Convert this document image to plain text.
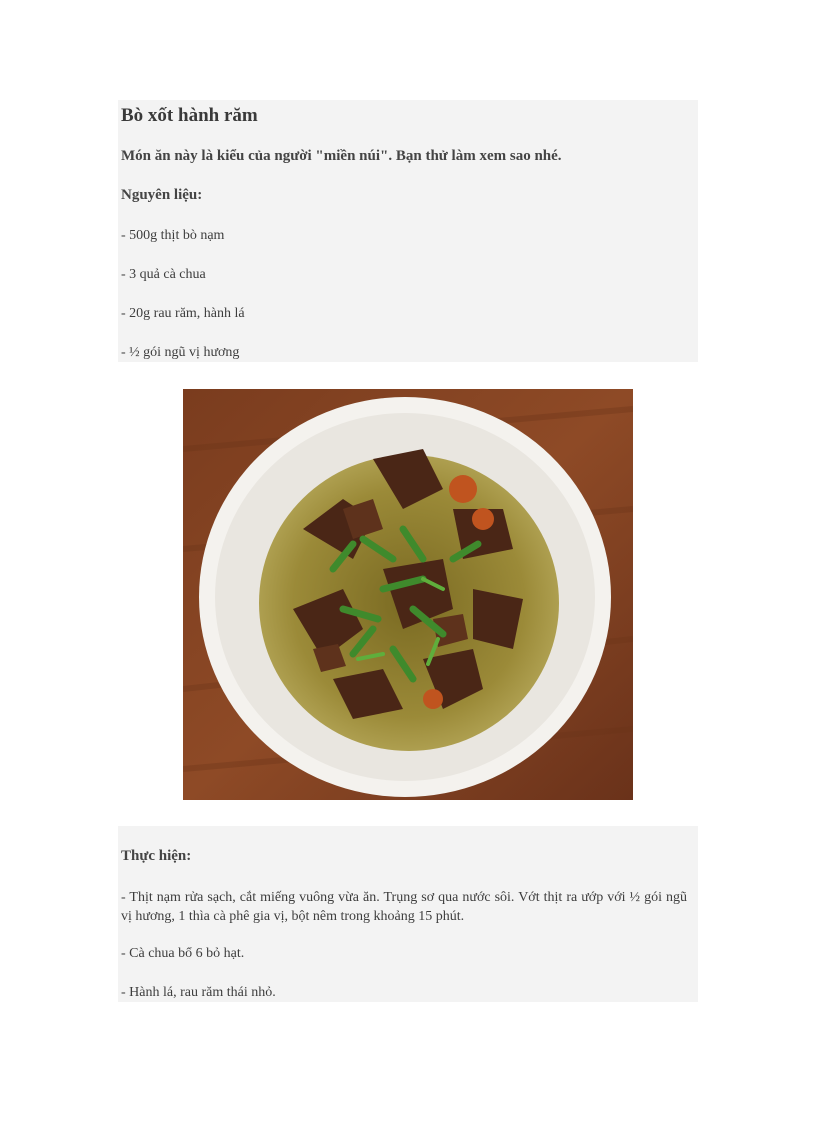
Bò xốt hành răm
Món ăn này là kiểu của người "miền núi". Bạn thử làm xem sao nhé.
Nguyên liệu:
- 500g thịt bò nạm
- 3 quả cà chua
- 20g rau răm, hành lá
- ½ gói ngũ vị hương
Thực hiện:
- Thịt nạm rửa sạch, cắt miếng vuông vừa ăn. Trụng sơ qua nước sôi. Vớt thịt ra ướp với ½ gói ngũ vị hương, 1 thìa cà phê gia vị, bột nêm trong khoảng 15 phút.
- Cà chua bổ 6 bỏ hạt.
- Hành lá, rau răm thái nhỏ.
